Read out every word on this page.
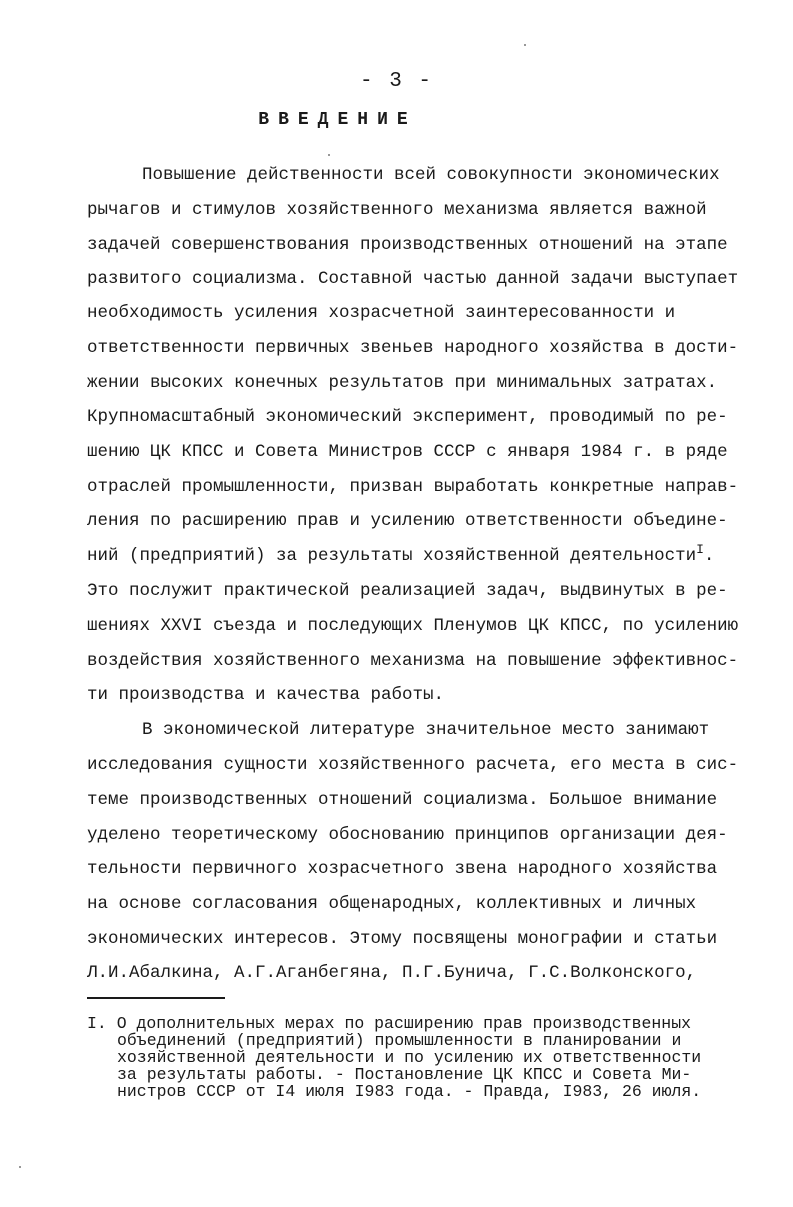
- 3 -
ВВЕДЕНИЕ
Повышение действенности всей совокупности экономических
рычагов и стимулов хозяйственного механизма является важной
задачей совершенствования производственных отношений на этапе
развитого социализма. Составной частью данной задачи выступает
необходимость усиления хозрасчетной заинтересованности и
ответственности первичных звеньев народного хозяйства в дости-
жении высоких конечных результатов при минимальных затратах.
Крупномасштабный экономический эксперимент, проводимый по ре-
шению ЦК КПСС и Совета Министров СССР с января 1984 г. в ряде
отраслей промышленности, призван выработать конкретные направ-
ления по расширению прав и усилению ответственности объедине-
ний (предприятий) за результаты хозяйственной деятельности$^I$.
Это послужит практической реализацией задач, выдвинутых в ре-
шениях XXVI съезда и последующих Пленумов ЦК КПСС, по усилению
воздействия хозяйственного механизма на повышение эффективнос-
ти производства и качества работы.
В экономической литературе значительное место занимают
исследования сущности хозяйственного расчета, его места в сис-
теме производственных отношений социализма. Большое внимание
уделено теоретическому обоснованию принципов организации дея-
тельности первичного хозрасчетного звена народного хозяйства
на основе согласования общенародных, коллективных и личных
экономических интересов. Этому посвящены монографии и статьи
Л.И.Абалкина, А.Г.Аганбегяна, П.Г.Бунича, Г.С.Волконского,
I. О дополнительных мерах по расширению прав производственных
объединений (предприятий) промышленности в планировании и
хозяйственной деятельности и по усилению их ответственности
за результаты работы. - Постановление ЦК КПСС и Совета Ми-
нистров СССР от I4 июля I983 года. - Правда, I983, 26 июля.
